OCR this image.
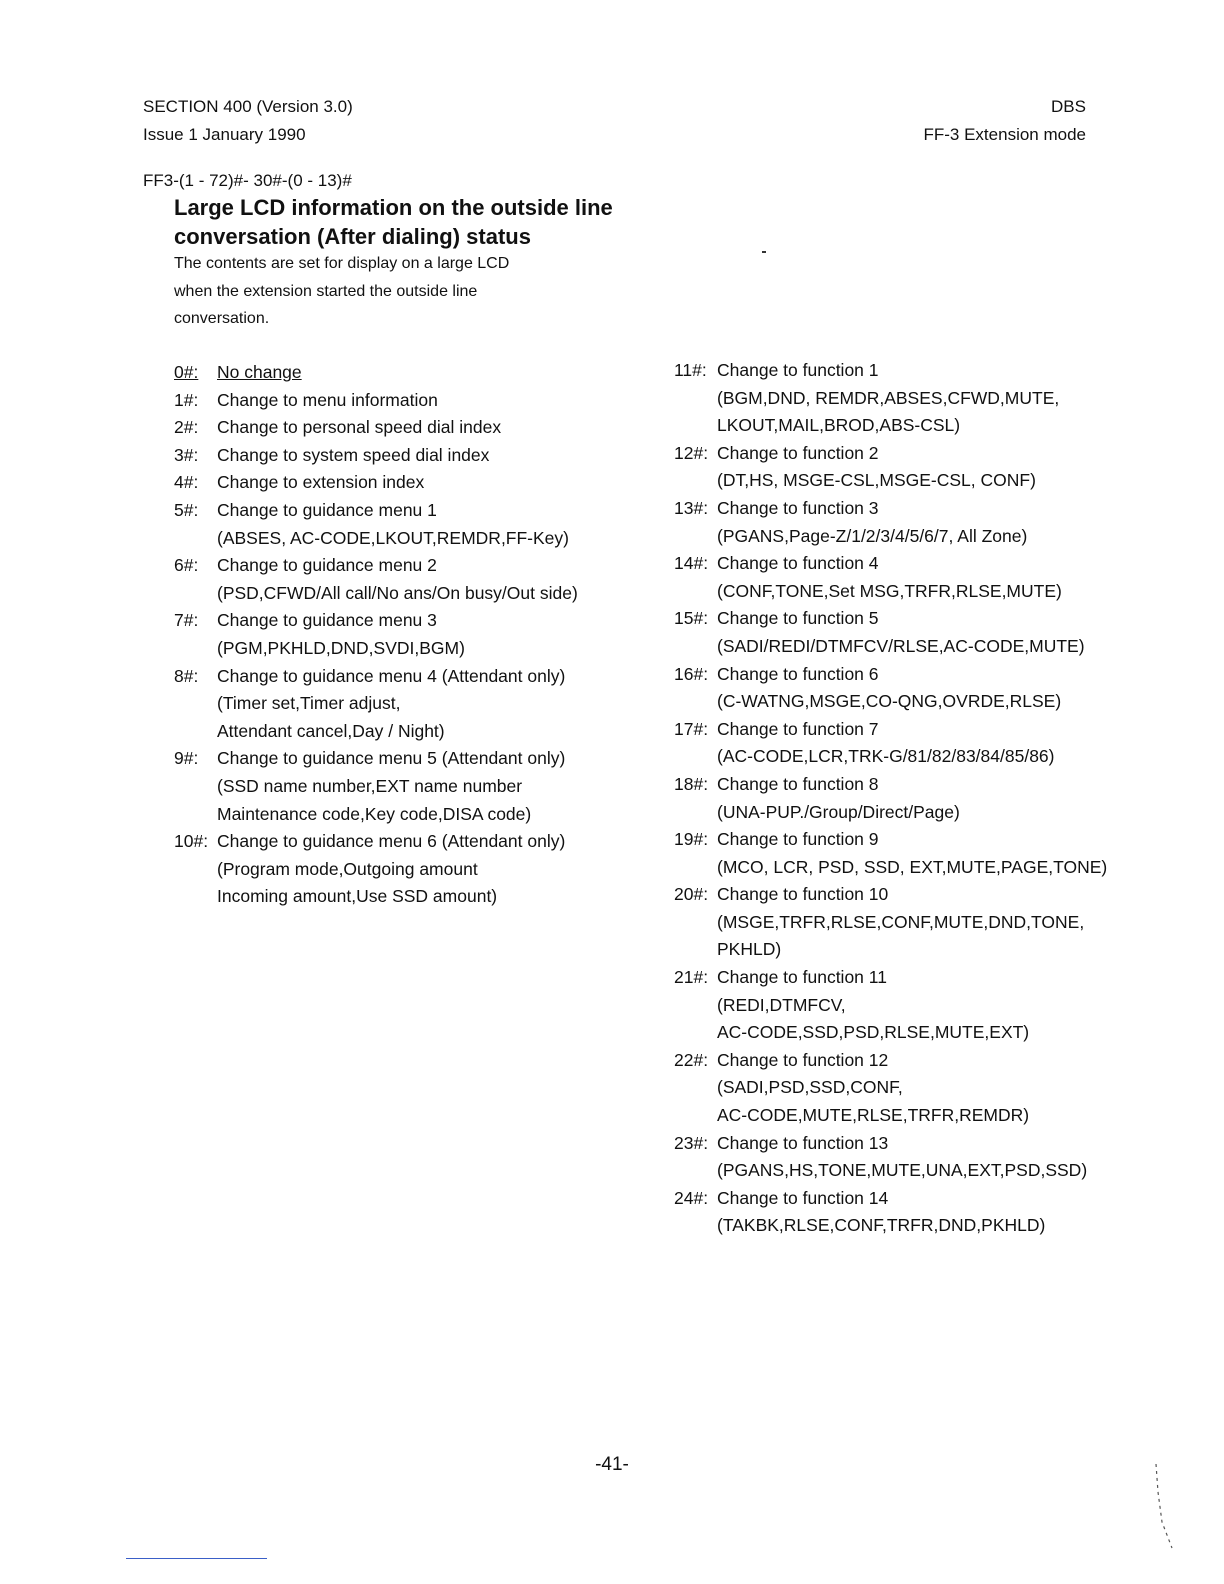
SECTION 400 (Version 3.0)
Issue 1 January 1990
DBS
FF-3 Extension mode
FF3-(1 - 72)#- 30#-(0 - 13)#
Large LCD information on the outside line
conversation (After dialing) status
The contents are set for display on a large LCD
when the extension started the outside line
conversation.
0#:	No change
1#:	Change to menu information
2#:	Change to personal speed dial index
3#:	Change to system speed dial index
4#:	Change to extension index
5#:	Change to guidance menu 1
(ABSES, AC-CODE,LKOUT,REMDR,FF-Key)
6#:	Change to guidance menu 2
(PSD,CFWD/All call/No ans/On busy/Out side)
7#:	Change to guidance menu 3
(PGM,PKHLD,DND,SVDI,BGM)
8#:	Change to guidance menu 4 (Attendant only)
(Timer set,Timer adjust,
Attendant cancel,Day / Night)
9#:	Change to guidance menu 5 (Attendant only)
(SSD name number,EXT name number
Maintenance code,Key code,DISA code)
10#: Change to guidance menu 6 (Attendant only)
(Program mode,Outgoing amount
Incoming amount,Use SSD amount)
11#: Change to function 1
(BGM,DND, REMDR,ABSES,CFWD,MUTE,
LKOUT,MAIL,BROD,ABS-CSL)
12#: Change to function 2
(DT,HS, MSGE-CSL,MSGE-CSL, CONF)
13#: Change to function 3
(PGANS,Page-Z/1/2/3/4/5/6/7, All Zone)
14#: Change to function 4
(CONF,TONE,Set MSG,TRFR,RLSE,MUTE)
15#: Change to function 5
(SADI/REDI/DTMFCV/RLSE,AC-CODE,MUTE)
16#: Change to function 6
(C-WATNG,MSGE,CO-QNG,OVRDE,RLSE)
17#: Change to function 7
(AC-CODE,LCR,TRK-G/81/82/83/84/85/86)
18#: Change to function 8
(UNA-PUP./Group/Direct/Page)
19#: Change to function 9
(MCO, LCR, PSD, SSD, EXT,MUTE,PAGE,TONE)
20#: Change to function 10
(MSGE,TRFR,RLSE,CONF,MUTE,DND,TONE,
PKHLD)
21#: Change to function 11
(REDI,DTMFCV,
AC-CODE,SSD,PSD,RLSE,MUTE,EXT)
22#: Change to function 12
(SADI,PSD,SSD,CONF,
AC-CODE,MUTE,RLSE,TRFR,REMDR)
23#: Change to function 13
(PGANS,HS,TONE,MUTE,UNA,EXT,PSD,SSD)
24#: Change to function 14
(TAKBK,RLSE,CONF,TRFR,DND,PKHLD)
-41-
